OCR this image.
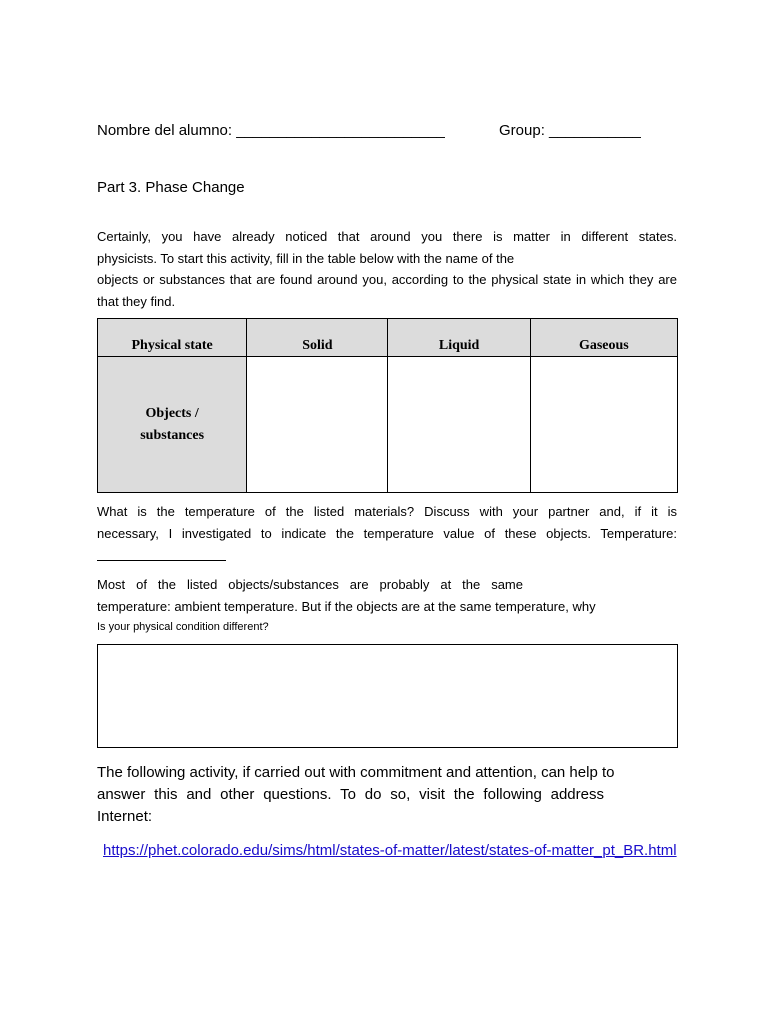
Nombre del alumno: _________________________	Group: ___________
Part 3. Phase Change
Certainly, you have already noticed that around you there is matter in different states.
physicists. To start this activity, fill in the table below with the name of the
objects or substances that are found around you, according to the physical state in which they are
that they find.
Physical state	Solid	Liquid	Gaseous

Objects /
substances			

What is the temperature of the listed materials? Discuss with your partner and, if it is
necessary, I investigated to indicate the temperature value of these objects. Temperature:
Most of the listed objects/substances are probably at the same
temperature: ambient temperature. But if the objects are at the same temperature, why
Is your physical condition different?
The following activity, if carried out with commitment and attention, can help to
answer this and other questions. To do so, visit the following address
Internet:
https://phet.colorado.edu/sims/html/states-of-matter/latest/states-of-matter_pt_BR.html
